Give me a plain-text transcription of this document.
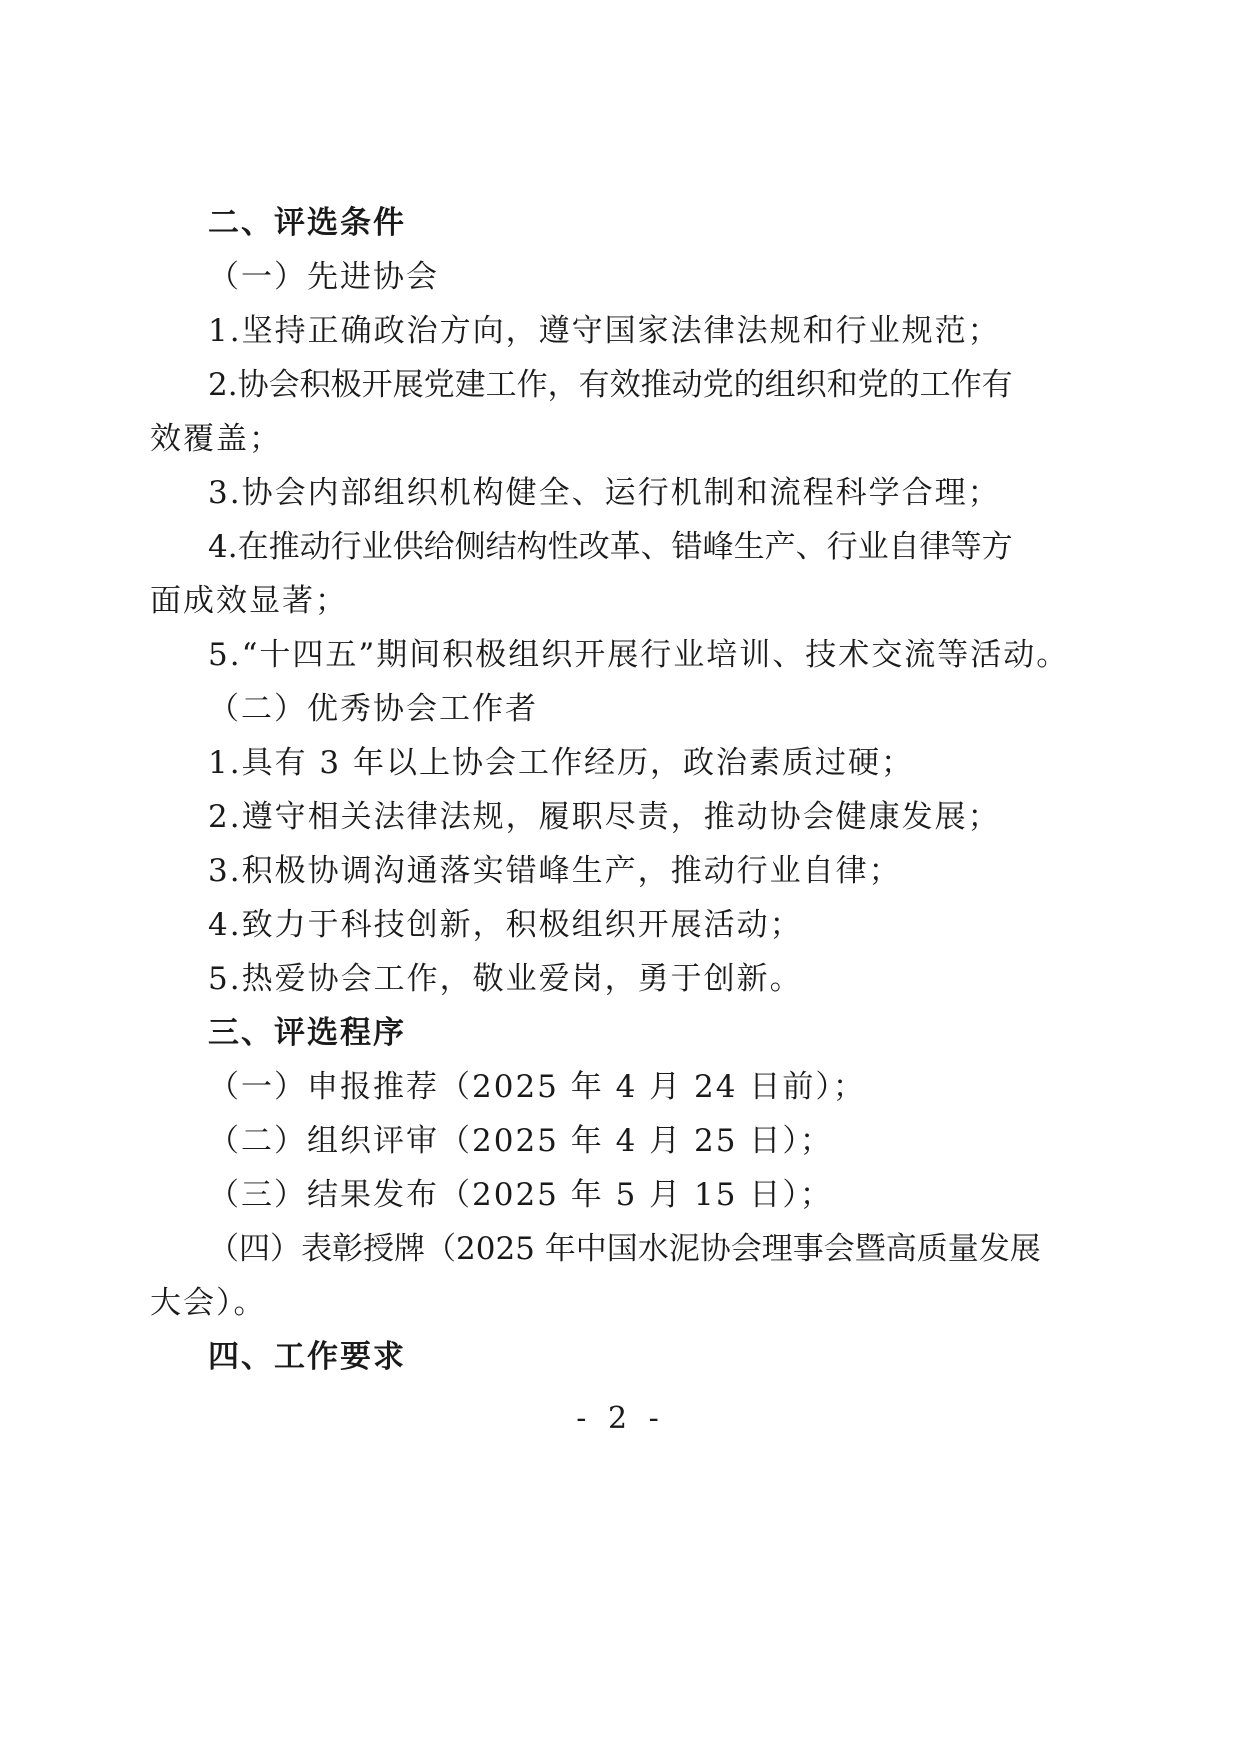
二、评选条件
（一）先进协会
1.坚持正确政治方向，遵守国家法律法规和行业规范；
2.协会积极开展党建工作，有效推动党的组织和党的工作有
效覆盖；
3.协会内部组织机构健全、运行机制和流程科学合理；
4.在推动行业供给侧结构性改革、错峰生产、行业自律等方
面成效显著；
5.“十四五”期间积极组织开展行业培训、技术交流等活动。
（二）优秀协会工作者
1.具有 3 年以上协会工作经历，政治素质过硬；
2.遵守相关法律法规，履职尽责，推动协会健康发展；
3.积极协调沟通落实错峰生产，推动行业自律；
4.致力于科技创新，积极组织开展活动；
5.热爱协会工作，敬业爱岗，勇于创新。
三、评选程序
（一）申报推荐（2025 年 4 月 24 日前）；
（二）组织评审（2025 年 4 月 25 日）；
（三）结果发布（2025 年 5 月 15 日）；
（四）表彰授牌（2025 年中国水泥协会理事会暨高质量发展
大会）。
四、工作要求
- 2 -
